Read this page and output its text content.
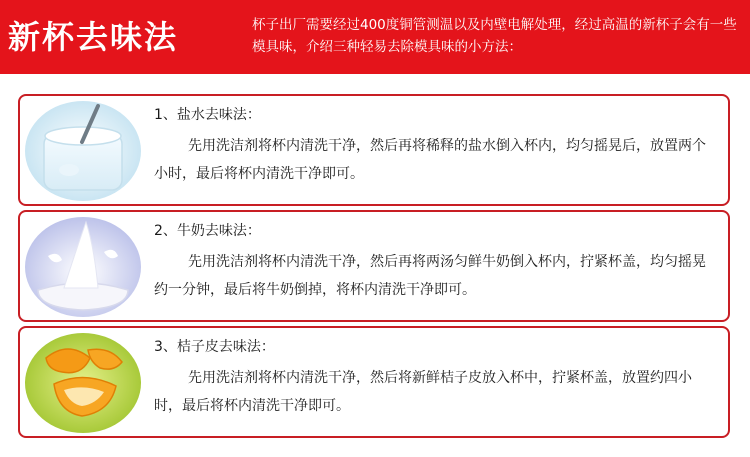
新杯去味法	杯子出厂需要经过400度铜管测温以及内壁电解处理，经过高温的新杯子会有一些模具味，介绍三种轻易去除模具味的小方法：
1、盐水去味法：
先用洗洁剂将杯内清洗干净，然后再将稀释的盐水倒入杯内，均匀摇晃后，放置两个小时，最后将杯内清洗干净即可。
2、牛奶去味法：
先用洗洁剂将杯内清洗干净，然后再将两汤匀鲜牛奶倒入杯内，拧紧杯盖，均匀摇晃约一分钟，最后将牛奶倒掉，将杯内清洗干净即可。
3、桔子皮去味法：
先用洗洁剂将杯内清洗干净，然后将新鲜桔子皮放入杯中，拧紧杯盖，放置约四小时，最后将杯内清洗干净即可。
